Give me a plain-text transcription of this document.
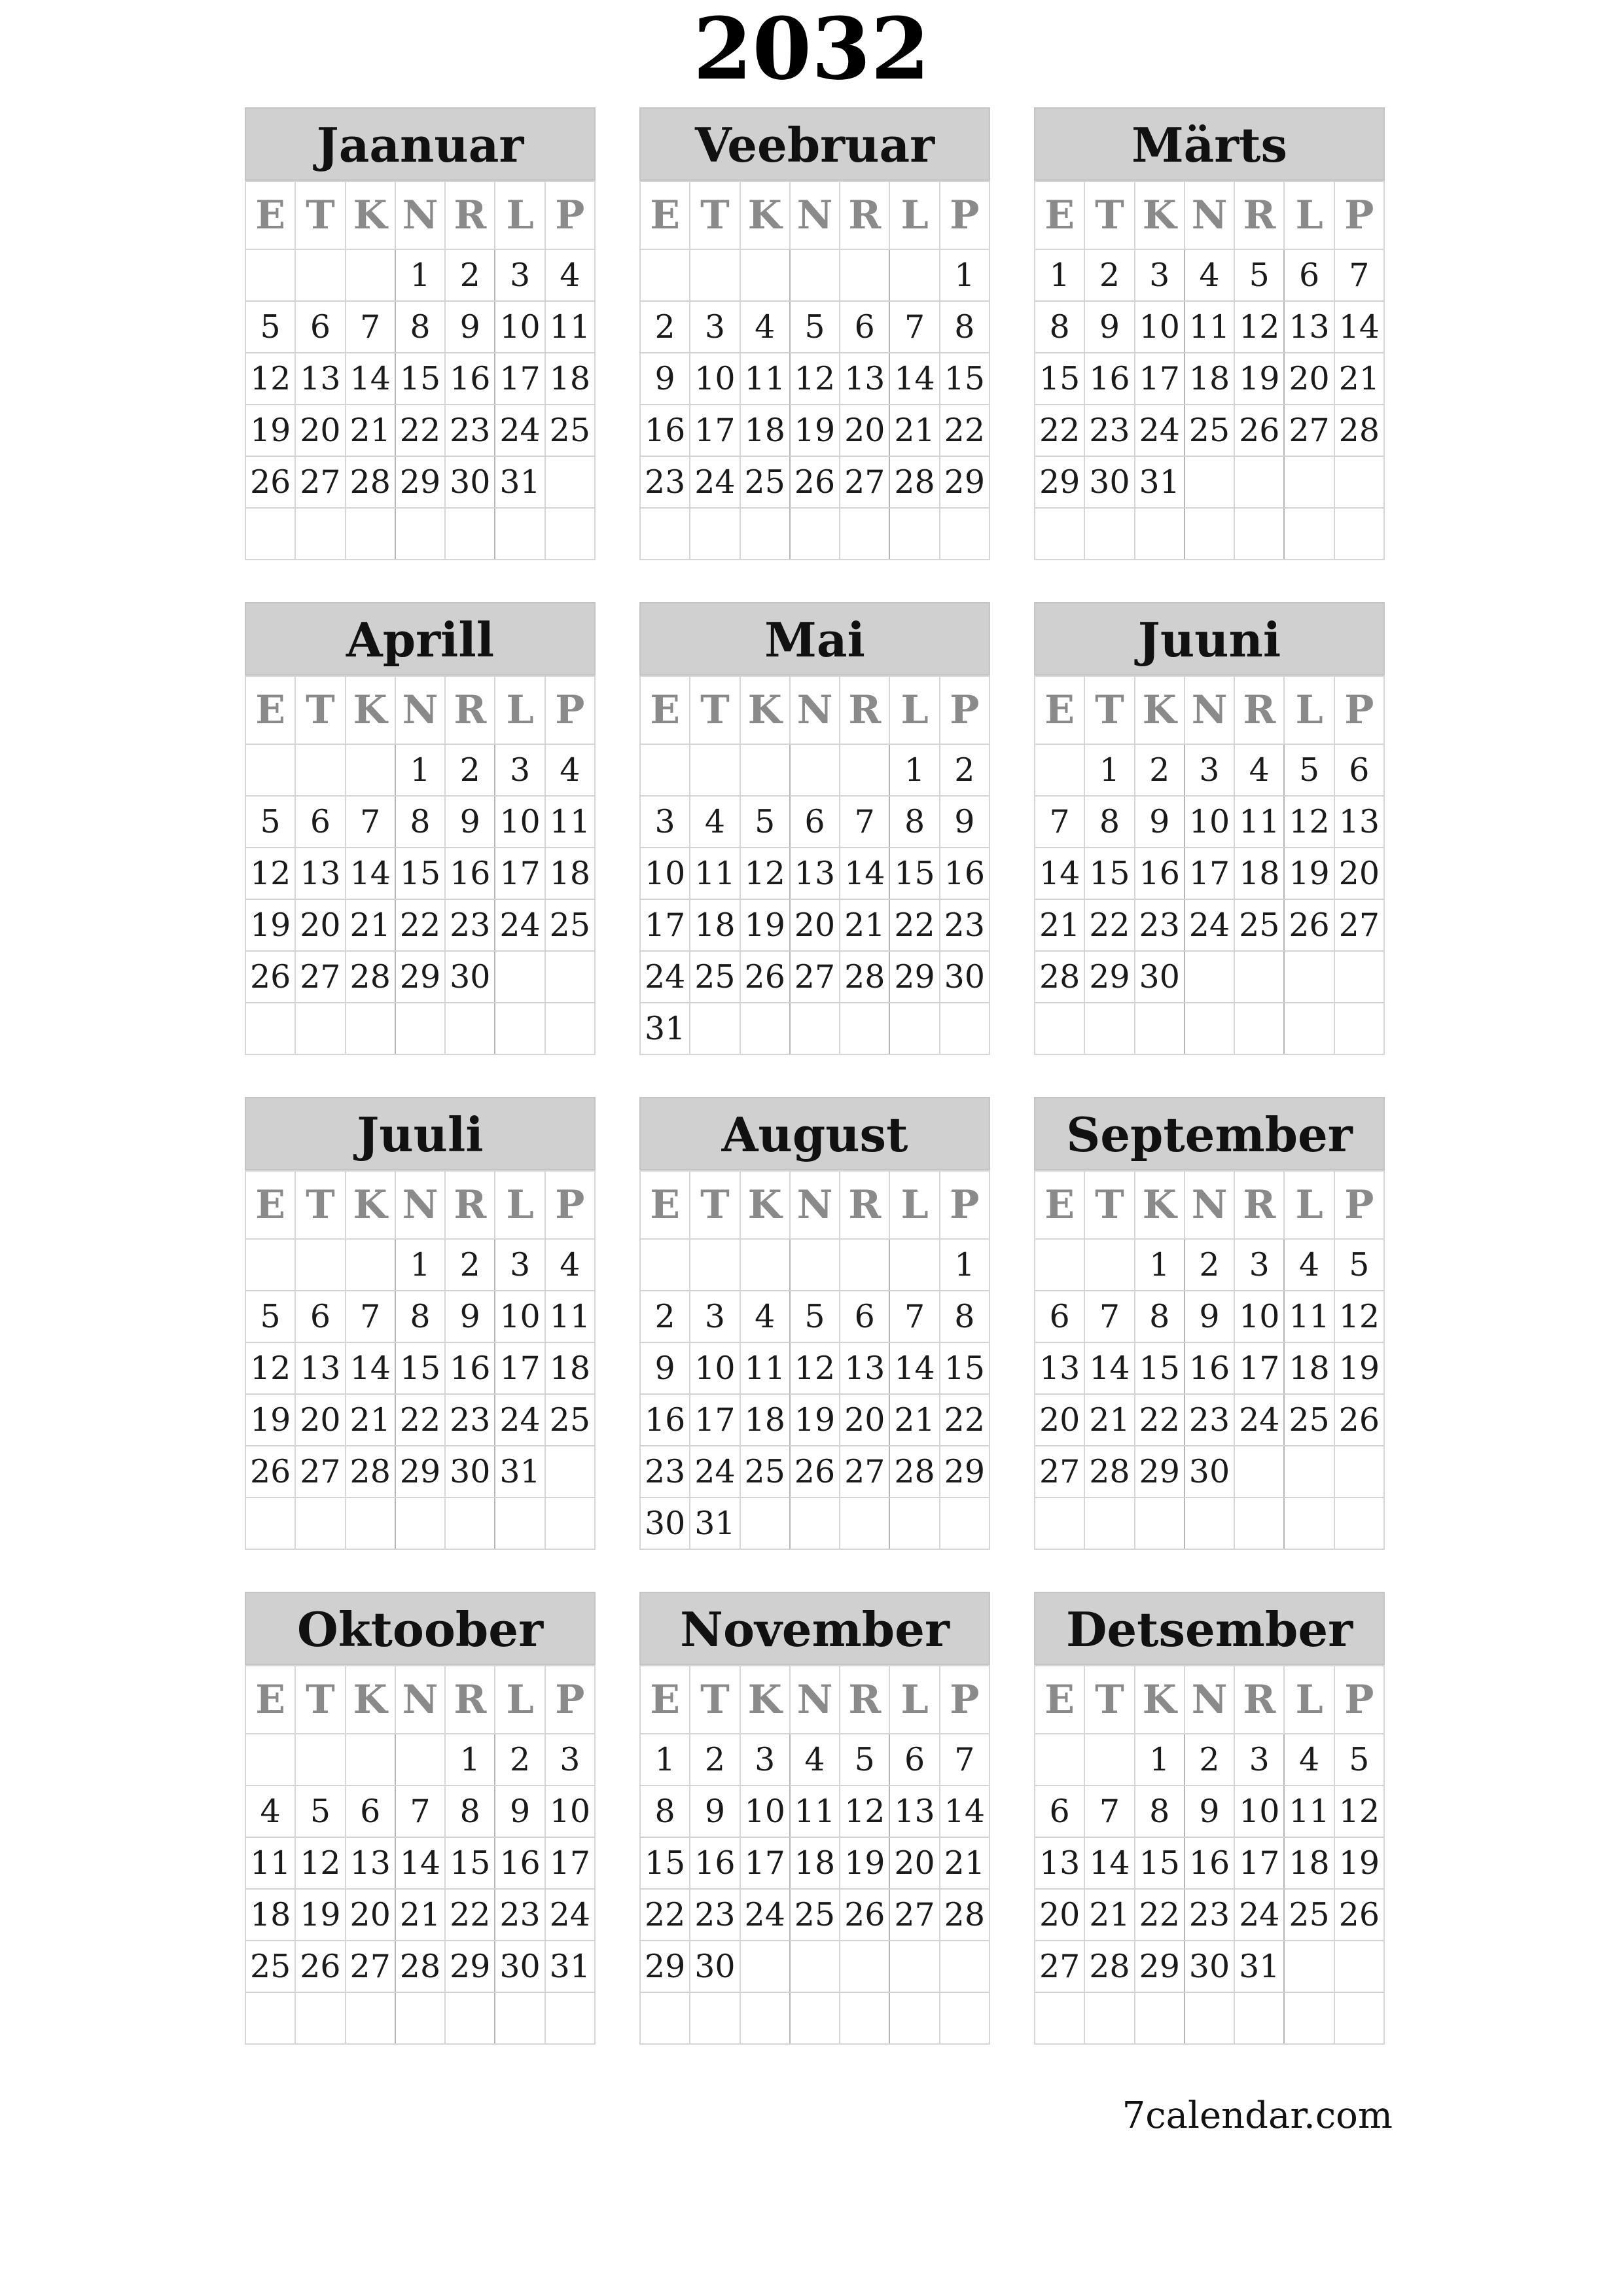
2032
Jaanuar
E	T	K	N	R	L	P
			1	2	3	4
5	6	7	8	9	10	11
12	13	14	15	16	17	18
19	20	21	22	23	24	25
26	27	28	29	30	31	

Veebruar
E	T	K	N	R	L	P
						1
2	3	4	5	6	7	8
9	10	11	12	13	14	15
16	17	18	19	20	21	22
23	24	25	26	27	28	29

Märts
E	T	K	N	R	L	P
1	2	3	4	5	6	7
8	9	10	11	12	13	14
15	16	17	18	19	20	21
22	23	24	25	26	27	28
29	30	31				

Aprill
E	T	K	N	R	L	P
			1	2	3	4
5	6	7	8	9	10	11
12	13	14	15	16	17	18
19	20	21	22	23	24	25
26	27	28	29	30		

Mai
E	T	K	N	R	L	P
					1	2
3	4	5	6	7	8	9
10	11	12	13	14	15	16
17	18	19	20	21	22	23
24	25	26	27	28	29	30
31						
Juuni
E	T	K	N	R	L	P
	1	2	3	4	5	6
7	8	9	10	11	12	13
14	15	16	17	18	19	20
21	22	23	24	25	26	27
28	29	30				

Juuli
E	T	K	N	R	L	P
			1	2	3	4
5	6	7	8	9	10	11
12	13	14	15	16	17	18
19	20	21	22	23	24	25
26	27	28	29	30	31	

August
E	T	K	N	R	L	P
						1
2	3	4	5	6	7	8
9	10	11	12	13	14	15
16	17	18	19	20	21	22
23	24	25	26	27	28	29
30	31					
September
E	T	K	N	R	L	P
		1	2	3	4	5
6	7	8	9	10	11	12
13	14	15	16	17	18	19
20	21	22	23	24	25	26
27	28	29	30			

Oktoober
E	T	K	N	R	L	P
				1	2	3
4	5	6	7	8	9	10
11	12	13	14	15	16	17
18	19	20	21	22	23	24
25	26	27	28	29	30	31

November
E	T	K	N	R	L	P
1	2	3	4	5	6	7
8	9	10	11	12	13	14
15	16	17	18	19	20	21
22	23	24	25	26	27	28
29	30					

Detsember
E	T	K	N	R	L	P
		1	2	3	4	5
6	7	8	9	10	11	12
13	14	15	16	17	18	19
20	21	22	23	24	25	26
27	28	29	30	31		

7calendar.com
